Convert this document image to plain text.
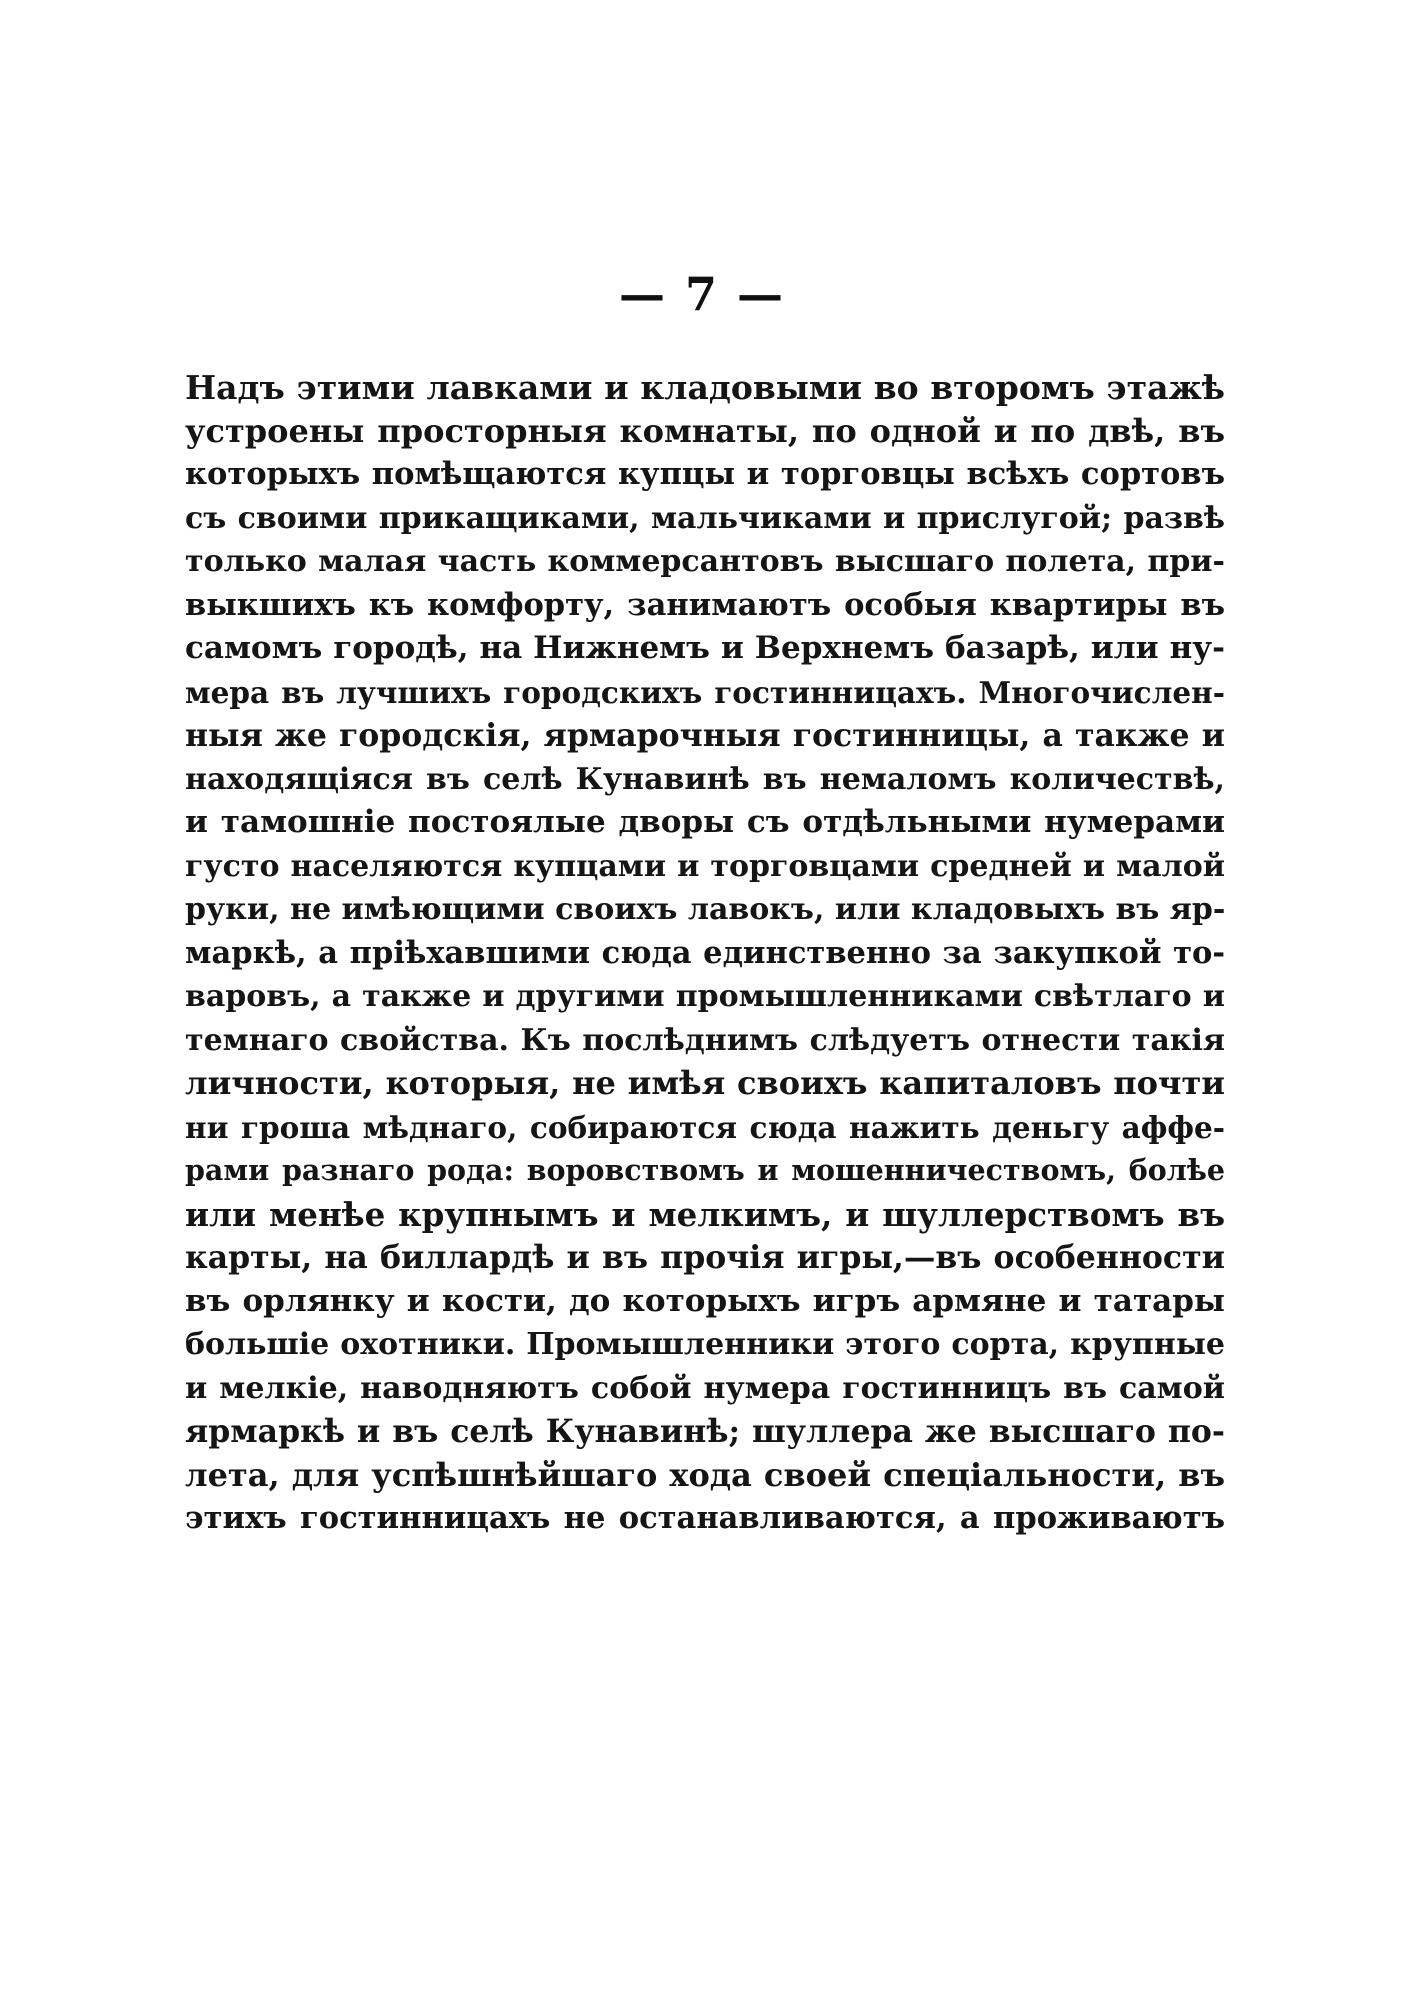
— 7 —
Надъ этими лавками и кладовыми во второмъ этажѣ
устроены просторныя комнаты, по одной и по двѣ, въ
которыхъ помѣщаются купцы и торговцы всѣхъ сортовъ
съ своими прикащиками, мальчиками и прислугой; развѣ
только малая часть коммерсантовъ высшаго полета, при-
выкшихъ къ комфорту, занимаютъ особыя квартиры въ
самомъ городѣ, на Нижнемъ и Верхнемъ базарѣ, или ну-
мера въ лучшихъ городскихъ гостинницахъ. Многочислен-
ныя же городскія, ярмарочныя гостинницы, а также и
находящіяся въ селѣ Кунавинѣ въ немаломъ количествѣ,
и тамошніе постоялые дворы съ отдѣльными нумерами
густо населяются купцами и торговцами средней и малой
руки, не имѣющими своихъ лавокъ, или кладовыхъ въ яр-
маркѣ, а пріѣхавшими сюда единственно за закупкой то-
варовъ, а также и другими промышленниками свѣтлаго и
темнаго свойства. Къ послѣднимъ слѣдуетъ отнести такія
личности, которыя, не имѣя своихъ капиталовъ почти
ни гроша мѣднаго, собираются сюда нажить деньгу аффе-
рами разнаго рода: воровствомъ и мошенничествомъ, болѣе
или менѣе крупнымъ и мелкимъ, и шуллерствомъ въ
карты, на биллардѣ и въ прочія игры,—въ особенности
въ орлянку и кости, до которыхъ игръ армяне и татары
большіе охотники. Промышленники этого сорта, крупные
и мелкіе, наводняютъ собой нумера гостинницъ въ самой
ярмаркѣ и въ селѣ Кунавинѣ; шуллера же высшаго по-
лета, для успѣшнѣйшаго хода своей спеціальности, въ
этихъ гостинницахъ не останавливаются, а проживаютъ
